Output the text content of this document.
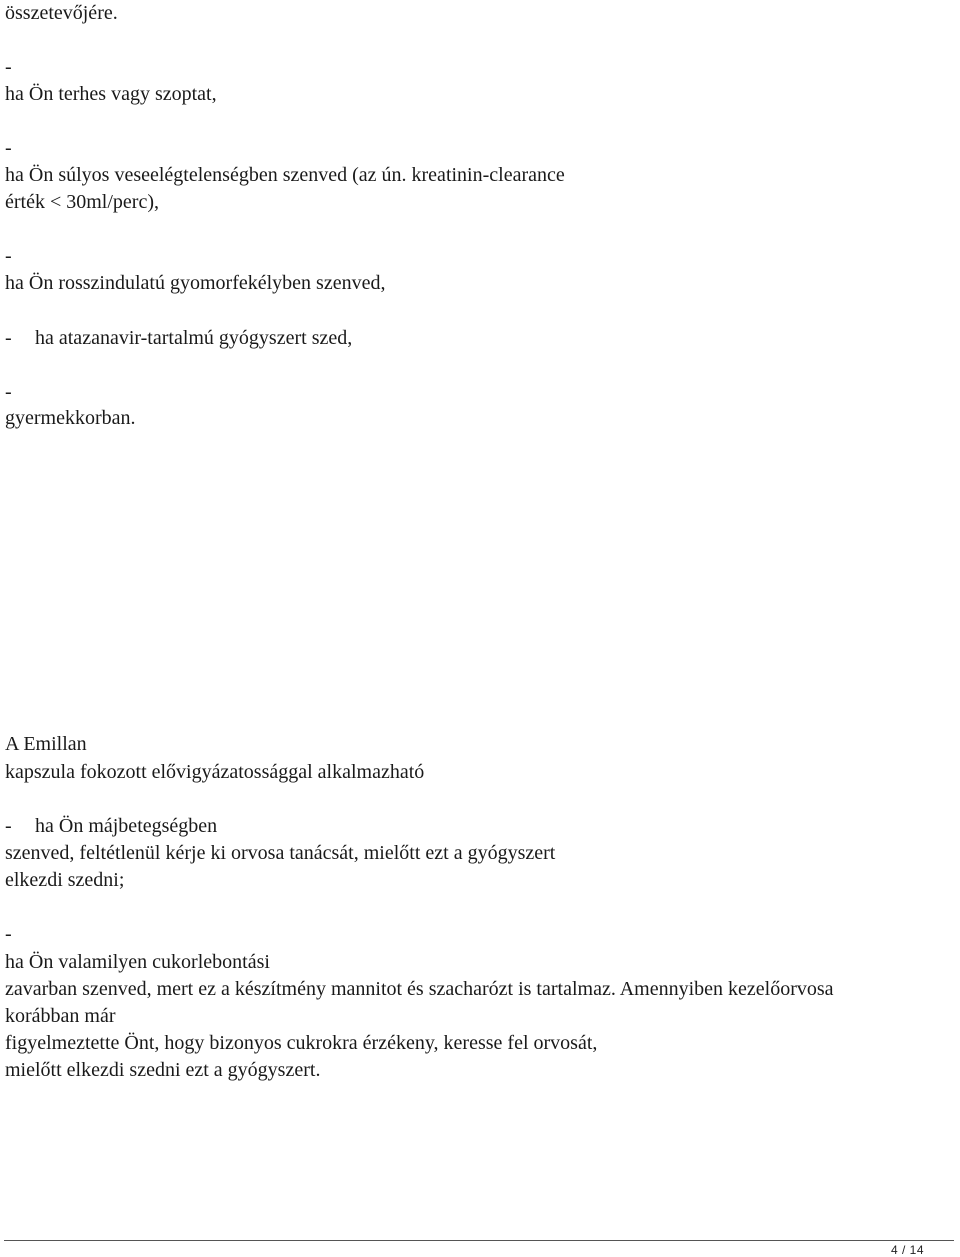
összetevőjére.

-

ha Ön terhes vagy szoptat,

-

ha Ön súlyos veseelégtelenségben szenved (az ún. kreatinin-clearance

érték < 30ml/perc),

-

ha Ön rosszindulatú gyomorfekélyben szenved,

- ha atazanavir-tartalmú gyógyszert szed,

-

gyermekkorban.

A Emillan

kapszula fokozott elővigyázatossággal alkalmazható

- ha Ön májbetegségben

szenved, feltétlenül kérje ki orvosa tanácsát, mielőtt ezt a gyógyszert

elkezdi szedni;

-

ha Ön valamilyen cukorlebontási

zavarban szenved, mert ez a készítmény mannitot és szacharózt is tartalmaz. Amennyiben kezelőorvosa

korábban már

figyelmeztette Önt, hogy bizonyos cukrokra érzékeny, keresse fel orvosát,

mielőtt elkezdi szedni ezt a gyógyszert.

4 / 14
